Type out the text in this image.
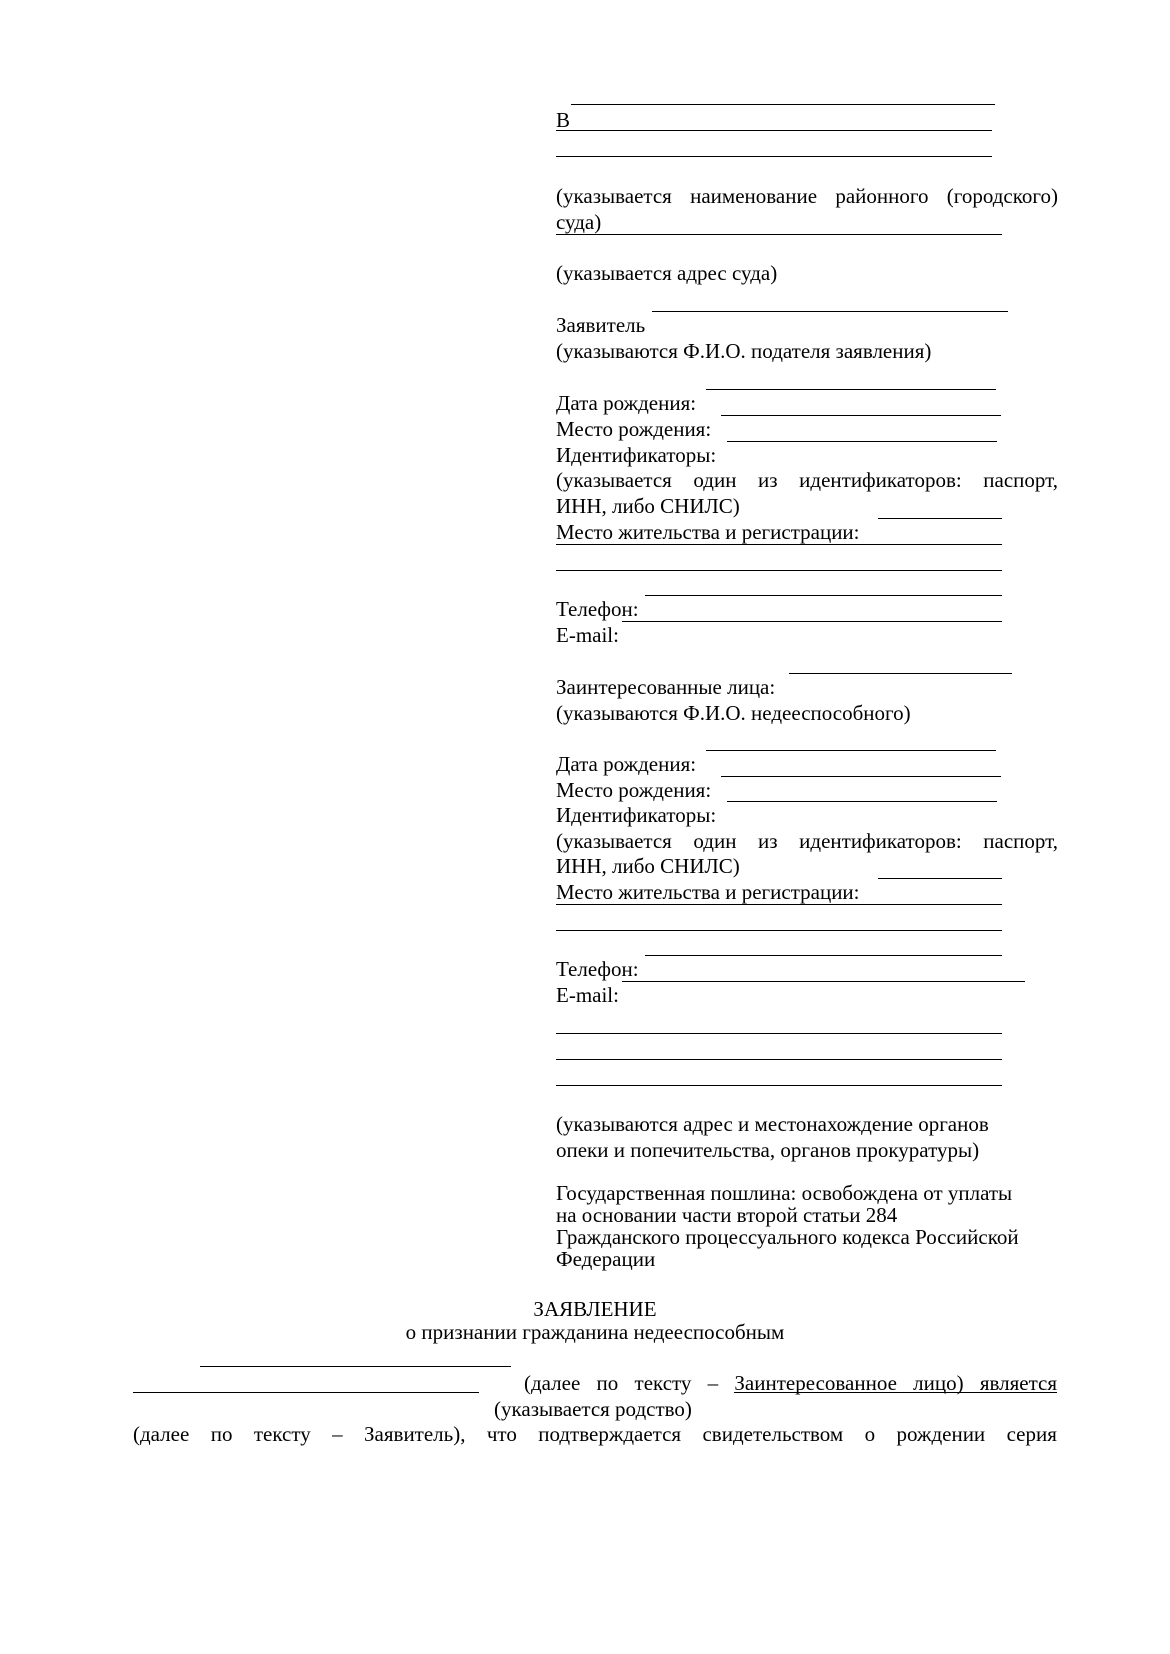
В
(указывается наименование районного (городского)
суда)
(указывается адрес суда)
Заявитель
(указываются Ф.И.О. подателя заявления)
Дата рождения:
Место рождения:
Идентификаторы:
(указывается один из идентификаторов: паспорт,
ИНН, либо СНИЛС)
Место жительства и регистрации:
Телефон:
E-mail:
Заинтересованные лица:
(указываются Ф.И.О. недееспособного)
Дата рождения:
Место рождения:
Идентификаторы:
(указывается один из идентификаторов: паспорт,
ИНН, либо СНИЛС)
Место жительства и регистрации:
Телефон:
E-mail:
(указываются адрес и местонахождение органов
опеки и попечительства, органов прокуратуры)
Государственная пошлина: освобождена от уплаты
на основании части второй статьи 284
Гражданского процессуального кодекса Российской
Федерации
ЗАЯВЛЕНИЕ
о признании гражданина недееспособным
(далее по тексту – Заинтересованное лицо) является
(указывается родство)
(далее по тексту – Заявитель), что подтверждается свидетельством о рождении серия
